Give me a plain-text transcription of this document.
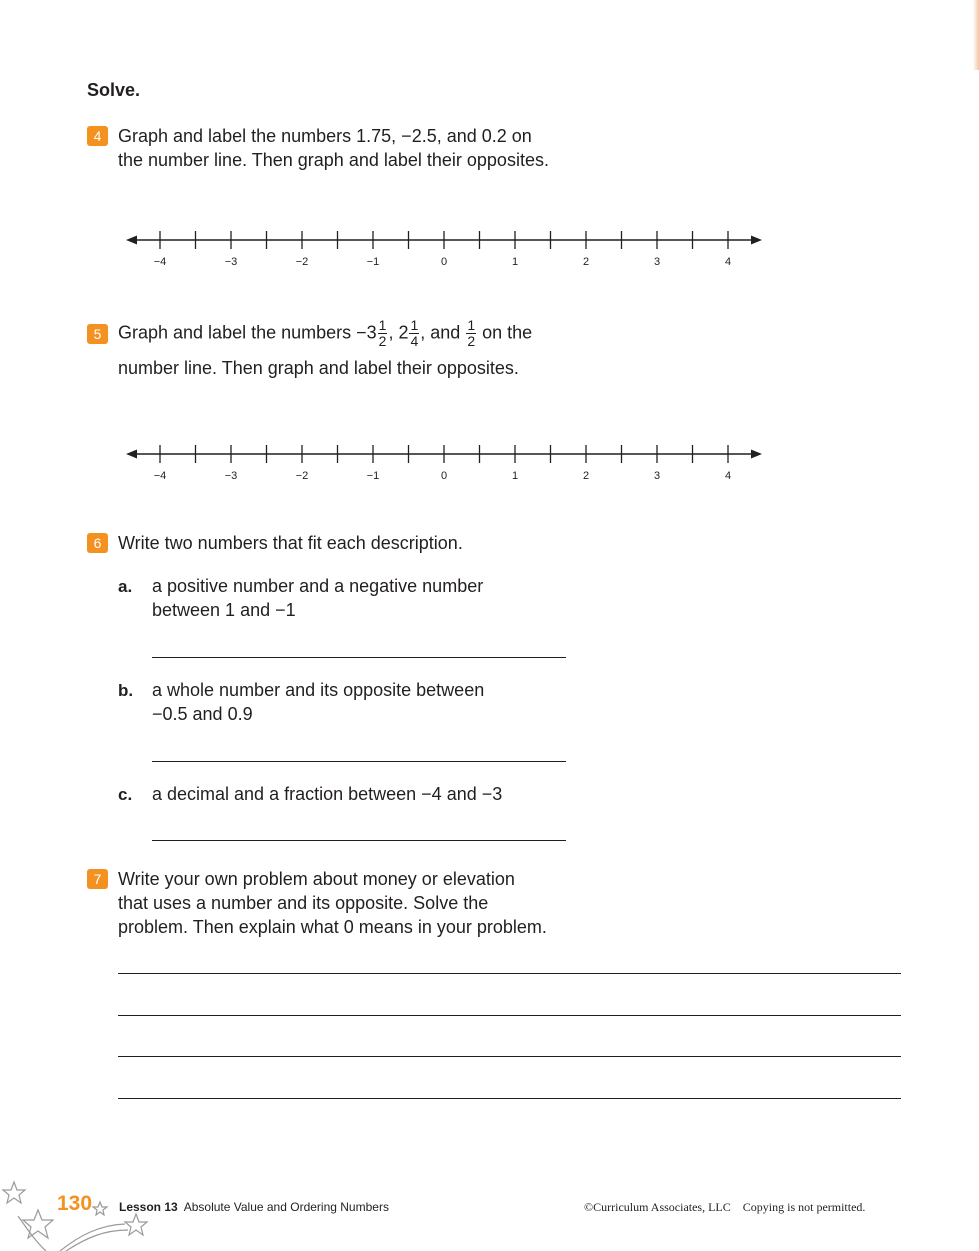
Solve.
4 Graph and label the numbers 1.75, −2.5, and 0.2 on
the number line. Then graph and label their opposites.

−4	−3	−2	−1	0	1	2	3	4
5 Graph and label the numbers $-3 \frac{1}{2}$ , $2 \frac{1}{4}$ , and $\frac{1}{2}$ on the

number line. Then graph and label their opposites.

−4	−3	−2	−1	0	1	2	3	4
6 Write two numbers that fit each description.

a. a positive number and a negative number
between 1 and −1

b. a whole number and its opposite between
−0.5 and 0.9

c. a decimal and a fraction between −4 and −3

7 Write your own problem about money or elevation
that uses a number and its opposite. Solve the
problem. Then explain what 0 means in your problem.

130 Lesson 13 Absolute Value and Ordering Numbers	©Curriculum Associates, LLC Copying is not permitted.
